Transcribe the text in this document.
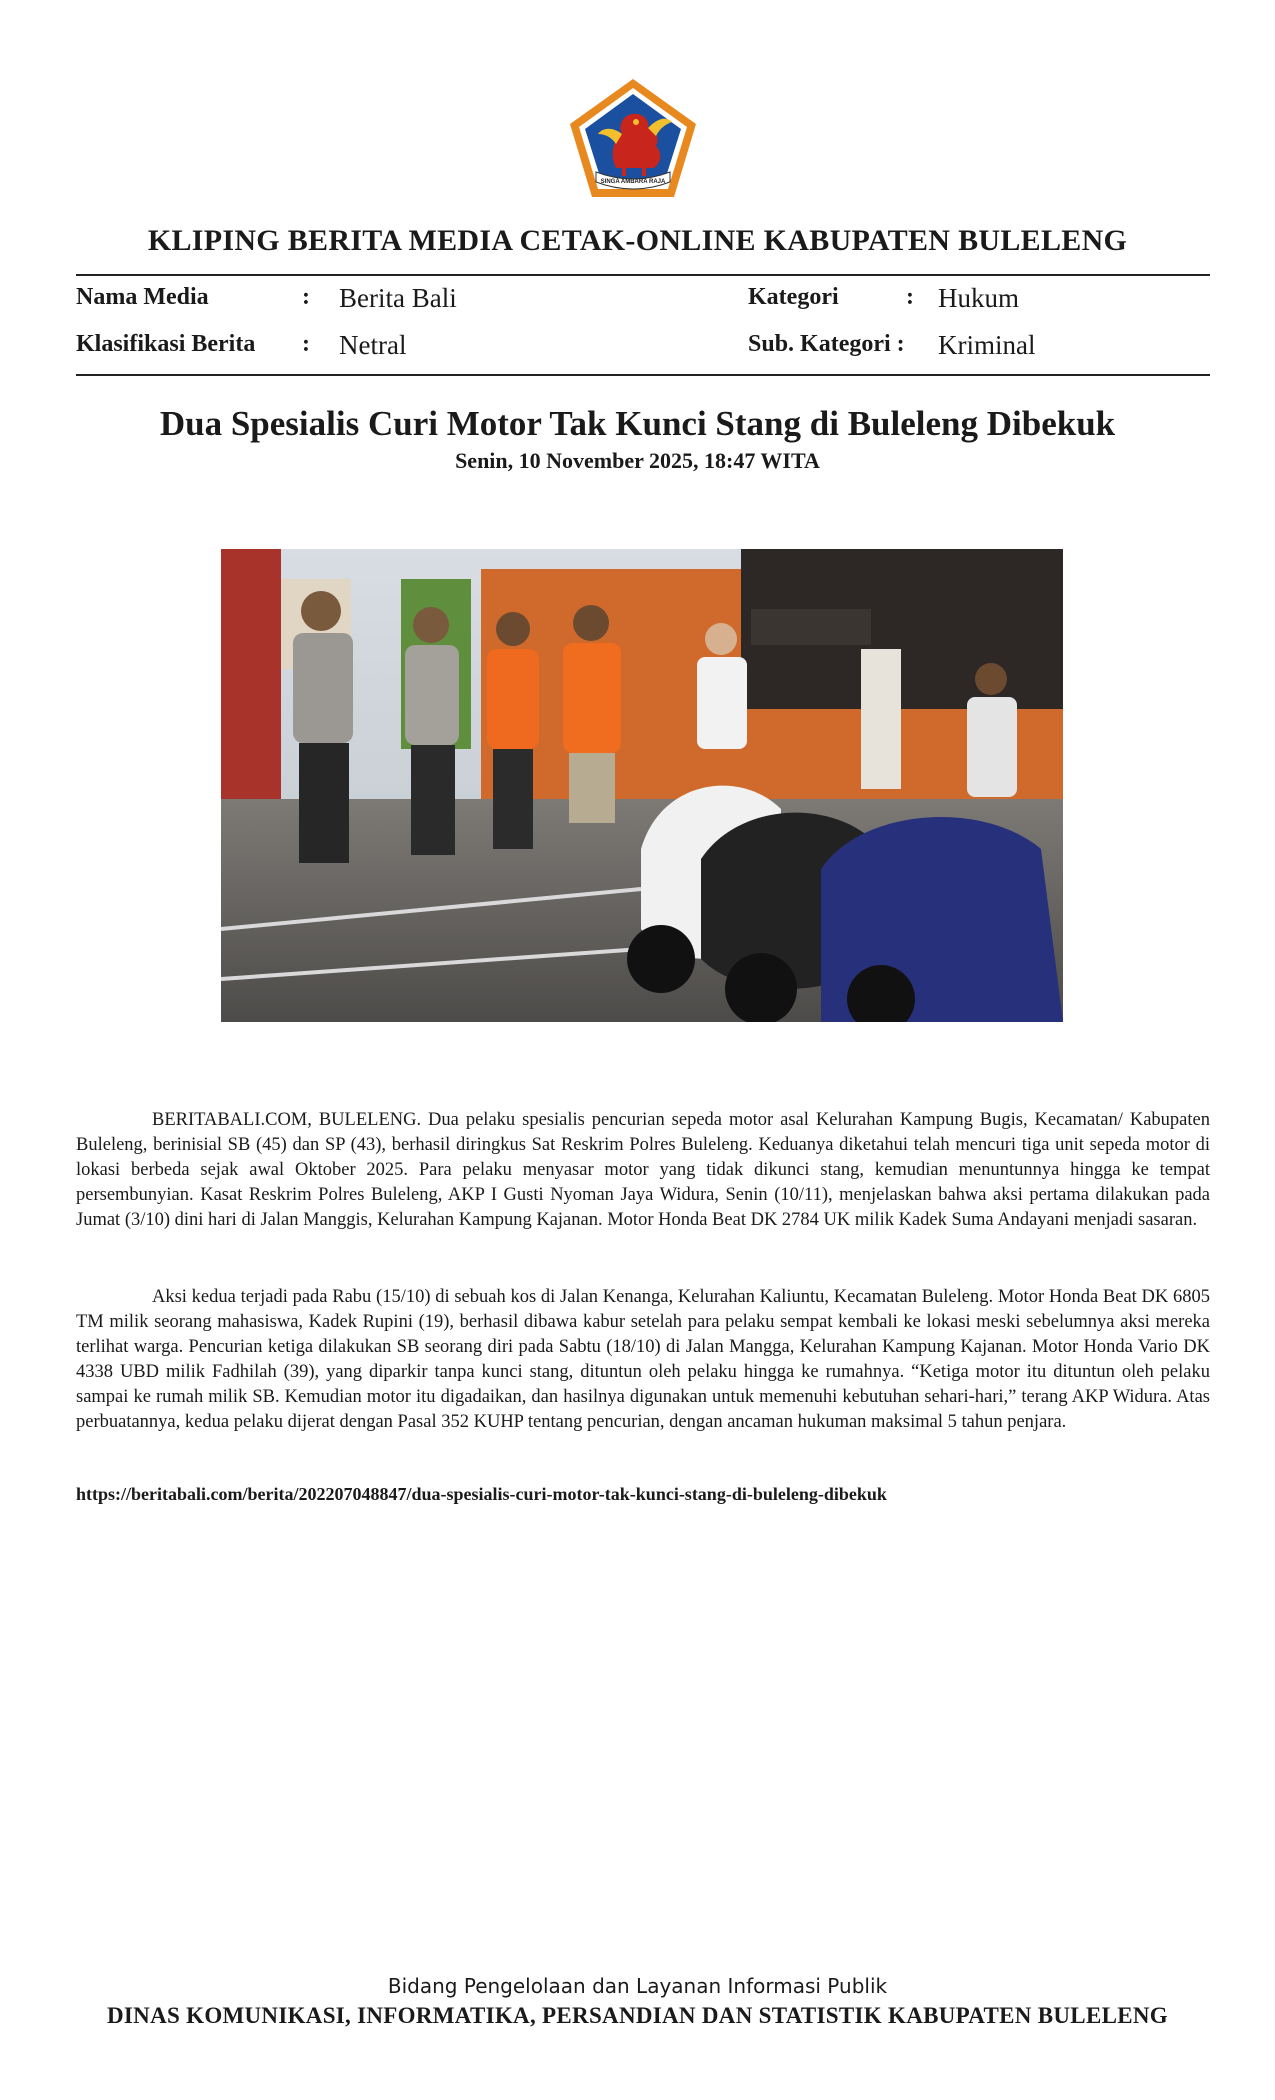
SINGA AMBARA RAJA
KLIPING BERITA MEDIA CETAK-ONLINE KABUPATEN BULELENG
Nama Media	: Berita Bali	Kategori	: Hukum
Klasifikasi Berita : Netral	Sub. Kategori : Kriminal
Dua Spesialis Curi Motor Tak Kunci Stang di Buleleng Dibekuk
Senin, 10 November 2025, 18:47 WITA

BERITABALI.COM, BULELENG. Dua pelaku spesialis pencurian sepeda motor asal Kelurahan Kampung Bugis, Kecamatan/ Kabupaten Buleleng, berinisial SB (45) dan SP (43), berhasil diringkus Sat Reskrim Polres Buleleng. Keduanya diketahui telah mencuri tiga unit sepeda motor di lokasi berbeda sejak awal Oktober 2025. Para pelaku menyasar motor yang tidak dikunci stang, kemudian menuntunnya hingga ke tempat persembunyian. Kasat Reskrim Polres Buleleng, AKP I Gusti Nyoman Jaya Widura, Senin (10/11), menjelaskan bahwa aksi pertama dilakukan pada Jumat (3/10) dini hari di Jalan Manggis, Kelurahan Kampung Kajanan. Motor Honda Beat DK 2784 UK milik Kadek Suma Andayani menjadi sasaran.

Aksi kedua terjadi pada Rabu (15/10) di sebuah kos di Jalan Kenanga, Kelurahan Kaliuntu, Kecamatan Buleleng. Motor Honda Beat DK 6805 TM milik seorang mahasiswa, Kadek Rupini (19), berhasil dibawa kabur setelah para pelaku sempat kembali ke lokasi meski sebelumnya aksi mereka terlihat warga. Pencurian ketiga dilakukan SB seorang diri pada Sabtu (18/10) di Jalan Mangga, Kelurahan Kampung Kajanan. Motor Honda Vario DK 4338 UBD milik Fadhilah (39), yang diparkir tanpa kunci stang, dituntun oleh pelaku hingga ke rumahnya. “Ketiga motor itu dituntun oleh pelaku sampai ke rumah milik SB. Kemudian motor itu digadaikan, dan hasilnya digunakan untuk memenuhi kebutuhan sehari-hari,” terang AKP Widura. Atas perbuatannya, kedua pelaku dijerat dengan Pasal 352 KUHP tentang pencurian, dengan ancaman hukuman maksimal 5 tahun penjara.

https://beritabali.com/berita/202207048847/dua-spesialis-curi-motor-tak-kunci-stang-di-buleleng-dibekuk
Bidang Pengelolaan dan Layanan Informasi Publik
DINAS KOMUNIKASI, INFORMATIKA, PERSANDIAN DAN STATISTIK KABUPATEN BULELENG
